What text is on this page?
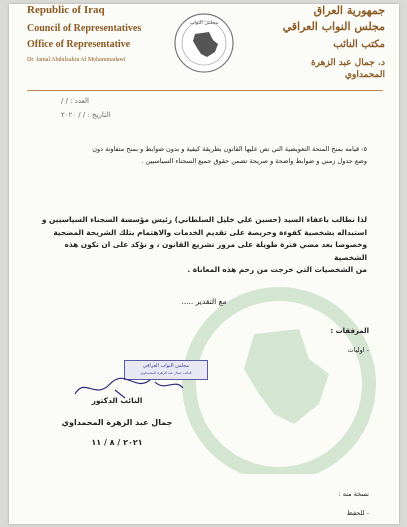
Republic of Iraq
Council of Representatives
Office of Representative
Dr. Jamal Abdulzahra Al Mohammadawi
مجلس النواب
جمهورية العراق
مجلس النواب العراقي
مكتب النائب
د. جمال عبد الزهرة المحمداوي
العدد : / /
التاريخ : / / ٢٠٢٠
٥- قيامه بمنح المنحة التعويضية التي نص عليها القانون بطريقة كيفية و بدون ضوابط و بمنح متفاوتة دون
وضع جدول زمني و ضوابط واضحة و صريحة تضمن حقوق جميع السجناء السياسيين .
لذا نطالب باعفاء السيد (حسين علي خليل السلطاني) رئيس مؤسسة السجناء السياسيين و
استبداله بشخصية كفوءة وحريصة على تقديم الخدمات والاهتمام بتلك الشريحة المضحية
وخصوصا بعد مضي فترة طويلة على مرور تشريع القانون ، و نؤكد على ان تكون هذه الشخصية
من الشخصيات التي خرجت من رحم هذه المعاناة .
مع التقدير .....
المرفقات :
- اوليات
مجلس النواب العراقي
النائب جمال عبد الزهرة المحمداوي
النائب الدكتور
جمال عبد الزهرة المحمداوي
٢٠٢١ / ٨ / ١١
نسخة منه :
- للحفظ
